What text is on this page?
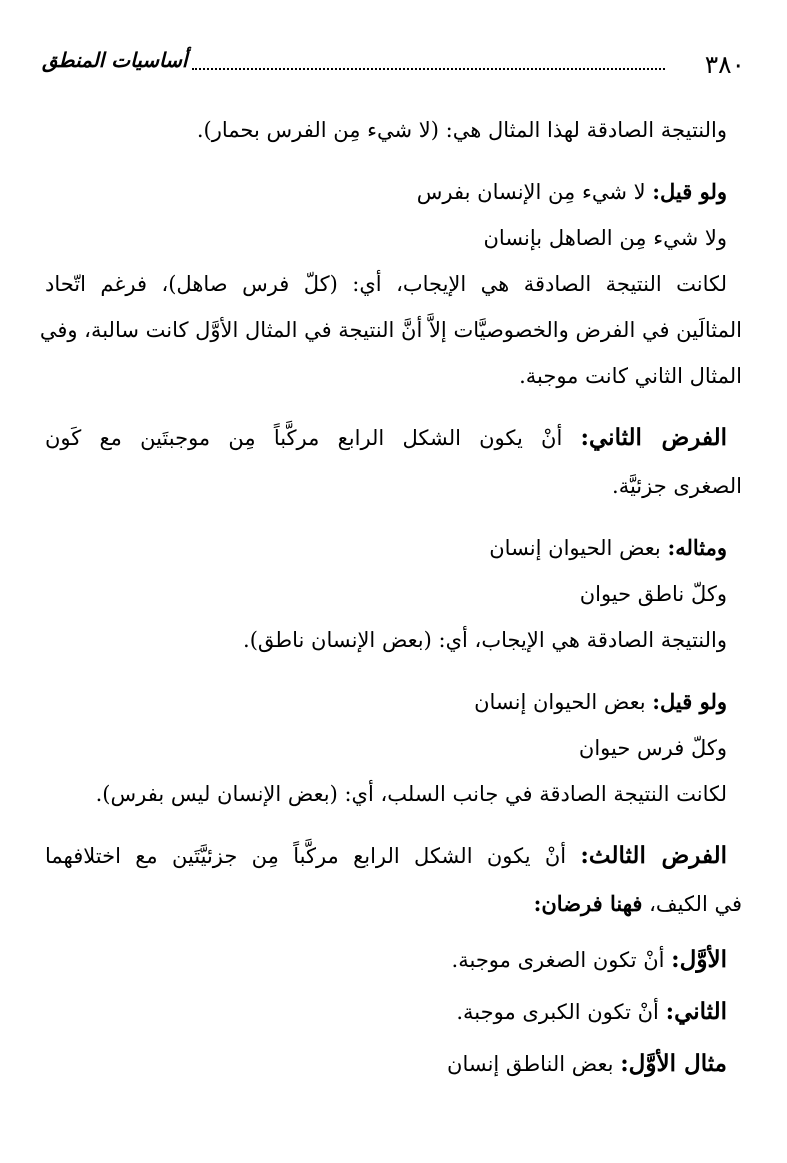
٣٨٠
أساسيات المنطق
والنتيجة الصادقة لهذا المثال هي: (لا شيء مِن الفرس بحمار).
ولو قيل: لا شيء مِن الإنسان بفرس
ولا شيء مِن الصاهل بإنسان
لكانت النتيجة الصادقة هي الإيجاب، أي: (كلّ فرس صاهل)، فرغم اتّحاد
المثالَين في الفرض والخصوصيَّات إلاَّ أنَّ النتيجة في المثال الأوَّل كانت سالبة، وفي
المثال الثاني كانت موجبة.
الفرض الثاني: أنْ يكون الشكل الرابع مركَّباً مِن موجبتَين مع كَون
الصغرى جزئيَّة.
ومثاله: بعض الحيوان إنسان
وكلّ ناطق حيوان
والنتيجة الصادقة هي الإيجاب، أي: (بعض الإنسان ناطق).
ولو قيل: بعض الحيوان إنسان
وكلّ فرس حيوان
لكانت النتيجة الصادقة في جانب السلب، أي: (بعض الإنسان ليس بفرس).
الفرض الثالث: أنْ يكون الشكل الرابع مركَّباً مِن جزئيَّتَين مع اختلافهما
في الكيف، فهنا فرضان:
الأوَّل: أنْ تكون الصغرى موجبة.
الثاني: أنْ تكون الكبرى موجبة.
مثال الأوَّل: بعض الناطق إنسان
